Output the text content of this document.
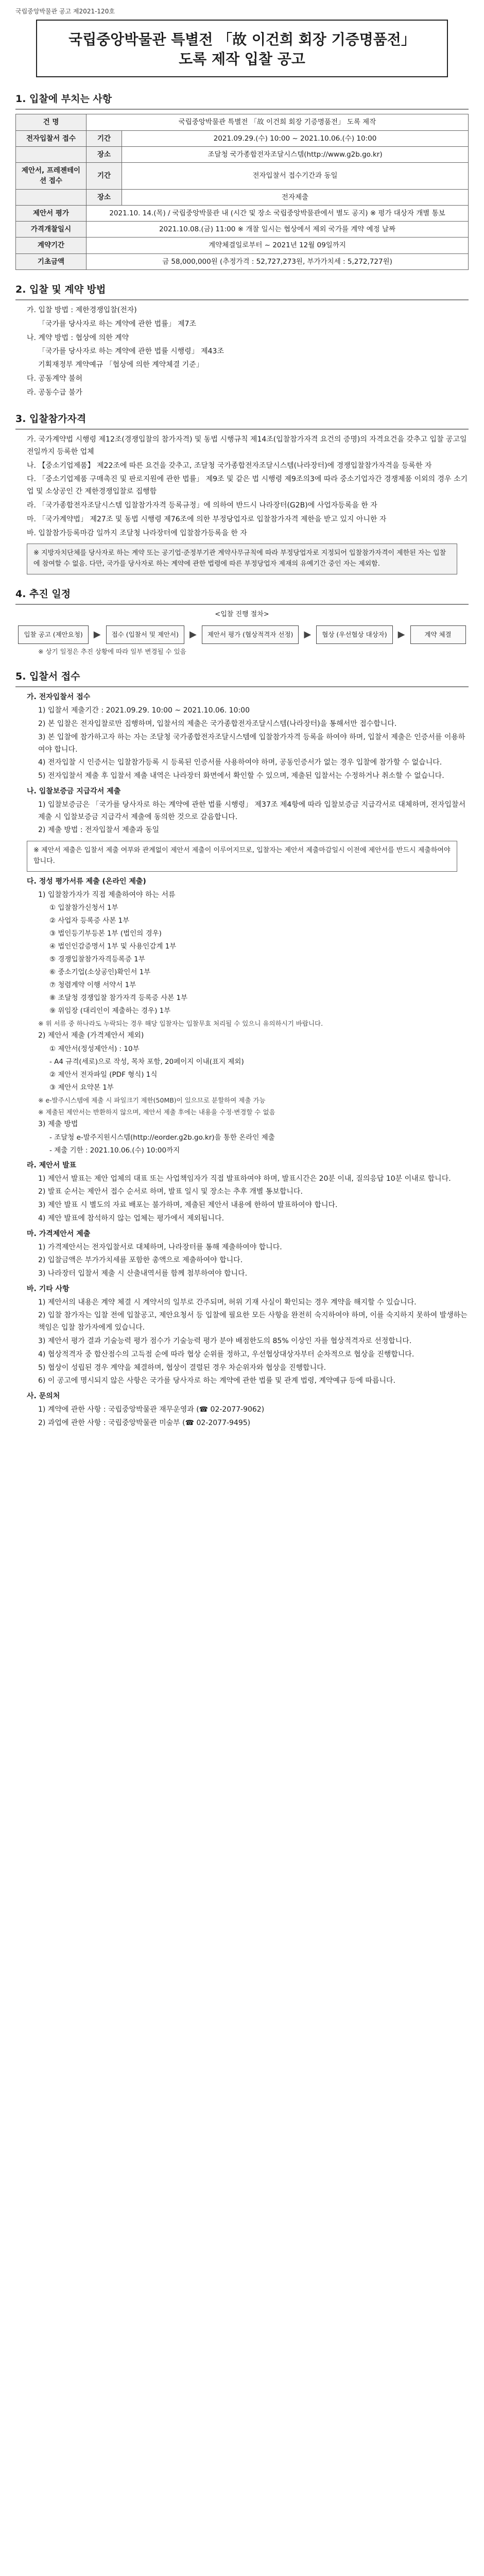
국립중앙박물관 공고 제2021-120호
국립중앙박물관 특별전 「故 이건희 회장 기증명품전」
도록 제작 입찰 공고
1. 입찰에 부치는 사항
건 명	국립중앙박물관 특별전 「故 이건희 회장 기증명품전」 도록 제작	
전자입찰서 접수	기간	2021.09.29.(수) 10:00 ~ 2021.10.06.(수) 10:00
	장소	조달청 국가종합전자조달시스템(http://www.g2b.go.kr)
제안서, 프레젠테이션 접수	기간	전자입찰서 접수기간과 동일
	장소	전자제출
제안서 평가	2021.10. 14.(목) / 국립중앙박물관 내 (시간 및 장소 국립중앙박물관에서 별도 공지) ※ 평가 대상자 개별 통보	
가격개찰일시	2021.10.08.(금) 11:00 ※ 개찰 일시는 협상에서 제외 국가를 계약 예정 날짜	
계약기간	계약체결일로부터 ~ 2021년 12월 09일까지	
기초금액	금 58,000,000원 (추정가격 : 52,727,273원, 부가가치세 : 5,272,727원)	
2. 입찰 및 계약 방법
가. 입찰 방법 : 제한경쟁입찰(전자)
「국가를 당사자로 하는 계약에 관한 법률」 제7조
나. 계약 방법 : 협상에 의한 계약
「국가를 당사자로 하는 계약에 관한 법률 시행령」 제43조
기획재정부 계약예규 「협상에 의한 계약체결 기준」
다. 공동계약 불허
라. 공동수급 불가
3. 입찰참가자격
가. 국가계약법 시행령 제12조(경쟁입찰의 참가자격) 및 동법 시행규칙 제14조(입찰참가자격 요건의 증명)의 자격요건을 갖추고 입찰 공고일 전일까지 등록한 업체
나. 【중소기업제품】 제22조에 따른 요건을 갖추고, 조달청 국가종합전자조달시스템(나라장터)에 경쟁입찰참가자격을 등록한 자
다. 「중소기업제품 구매촉진 및 판로지원에 관한 법률」 제9조 및 같은 법 시행령 제9조의3에 따라 중소기업자간 경쟁제품 이외의 경우 소기업 및 소상공인 간 제한경쟁입찰로 집행함
라. 「국가종합전자조달시스템 입찰참가자격 등록규정」에 의하여 반드시 나라장터(G2B)에 사업자등록을 한 자
마. 「국가계약법」 제27조 및 동법 시행령 제76조에 의한 부정당업자로 입찰참가자격 제한을 받고 있지 아니한 자
바. 입찰참가등록마감 일까지 조달청 나라장터에 입찰참가등록을 한 자
※ 지방자치단체를 당사자로 하는 계약 또는 공기업·준정부기관 계약사무규칙에 따라 부정당업자로 지정되어 입찰참가자격이 제한된 자는 입찰에 참여할 수 없음. 다만, 국가를 당사자로 하는 계약에 관한 법령에 따른 부정당업자 제재의 유예기간 중인 자는 제외함.
4. 추진 일정
<입찰 진행 절차>
입찰 공고 (제안요청)	▶	접수 (입찰서 및 제안서)	▶	제안서 평가 (협상적격자 선정)	▶	협상 (우선협상 대상자)	▶	계약 체결
※ 상기 일정은 추진 상황에 따라 일부 변경될 수 있음
5. 입찰서 접수
가. 전자입찰서 접수
1) 입찰서 제출기간 : 2021.09.29. 10:00 ~ 2021.10.06. 10:00
2) 본 입찰은 전자입찰로만 집행하며, 입찰서의 제출은 국가종합전자조달시스템(나라장터)을 통해서만 접수합니다.
3) 본 입찰에 참가하고자 하는 자는 조달청 국가종합전자조달시스템에 입찰참가자격 등록을 하여야 하며, 입찰서 제출은 인증서를 이용하여야 합니다.
4) 전자입찰 시 인증서는 입찰참가등록 시 등록된 인증서를 사용하여야 하며, 공동인증서가 없는 경우 입찰에 참가할 수 없습니다.
5) 전자입찰서 제출 후 입찰서 제출 내역은 나라장터 화면에서 확인할 수 있으며, 제출된 입찰서는 수정하거나 취소할 수 없습니다.
나. 입찰보증금 지급각서 제출
1) 입찰보증금은 「국가를 당사자로 하는 계약에 관한 법률 시행령」 제37조 제4항에 따라 입찰보증금 지급각서로 대체하며, 전자입찰서 제출 시 입찰보증금 지급각서 제출에 동의한 것으로 갈음합니다.
2) 제출 방법 : 전자입찰서 제출과 동일
※ 제안서 제출은 입찰서 제출 여부와 관계없이 제안서 제출이 이루어지므로, 입찰자는 제안서 제출마감일시 이전에 제안서를 반드시 제출하여야 합니다.
다. 정성 평가서류 제출 (온라인 제출)
1) 입찰참가자가 직접 제출하여야 하는 서류
① 입찰참가신청서 1부
② 사업자 등록증 사본 1부
③ 법인등기부등본 1부 (법인의 경우)
④ 법인인감증명서 1부 및 사용인감계 1부
⑤ 경쟁입찰참가자격등록증 1부
⑥ 중소기업(소상공인)확인서 1부
⑦ 청렴계약 이행 서약서 1부
⑧ 조달청 경쟁입찰 참가자격 등록증 사본 1부
⑨ 위임장 (대리인이 제출하는 경우) 1부
※ 위 서류 중 하나라도 누락되는 경우 해당 입찰자는 입찰무효 처리될 수 있으니 유의하시기 바랍니다.
2) 제안서 제출 (가격제안서 제외)
① 제안서(정성제안서) : 10부
- A4 규격(세로)으로 작성, 목차 포함, 20페이지 이내(표지 제외)
② 제안서 전자파일 (PDF 형식) 1식
③ 제안서 요약본 1부
※ e-발주시스템에 제출 시 파일크기 제한(50MB)이 있으므로 분할하여 제출 가능
※ 제출된 제안서는 반환하지 않으며, 제안서 제출 후에는 내용을 수정·변경할 수 없음
3) 제출 방법
- 조달청 e-발주지원시스템(http://eorder.g2b.go.kr)을 통한 온라인 제출
- 제출 기한 : 2021.10.06.(수) 10:00까지
라. 제안서 발표
1) 제안서 발표는 제안 업체의 대표 또는 사업책임자가 직접 발표하여야 하며, 발표시간은 20분 이내, 질의응답 10분 이내로 합니다.
2) 발표 순서는 제안서 접수 순서로 하며, 발표 일시 및 장소는 추후 개별 통보합니다.
3) 제안 발표 시 별도의 자료 배포는 불가하며, 제출된 제안서 내용에 한하여 발표하여야 합니다.
4) 제안 발표에 참석하지 않는 업체는 평가에서 제외됩니다.
마. 가격제안서 제출
1) 가격제안서는 전자입찰서로 대체하며, 나라장터를 통해 제출하여야 합니다.
2) 입찰금액은 부가가치세를 포함한 총액으로 제출하여야 합니다.
3) 나라장터 입찰서 제출 시 산출내역서를 함께 첨부하여야 합니다.
바. 기타 사항
1) 제안서의 내용은 계약 체결 시 계약서의 일부로 간주되며, 허위 기재 사실이 확인되는 경우 계약을 해지할 수 있습니다.
2) 입찰 참가자는 입찰 전에 입찰공고, 제안요청서 등 입찰에 필요한 모든 사항을 완전히 숙지하여야 하며, 이를 숙지하지 못하여 발생하는 책임은 입찰 참가자에게 있습니다.
3) 제안서 평가 결과 기술능력 평가 점수가 기술능력 평가 분야 배점한도의 85% 이상인 자를 협상적격자로 선정합니다.
4) 협상적격자 중 합산점수의 고득점 순에 따라 협상 순위를 정하고, 우선협상대상자부터 순차적으로 협상을 진행합니다.
5) 협상이 성립된 경우 계약을 체결하며, 협상이 결렬된 경우 차순위자와 협상을 진행합니다.
6) 이 공고에 명시되지 않은 사항은 국가를 당사자로 하는 계약에 관한 법률 및 관계 법령, 계약예규 등에 따릅니다.
사. 문의처
1) 계약에 관한 사항 : 국립중앙박물관 재무운영과 (☎ 02-2077-9062)
2) 과업에 관한 사항 : 국립중앙박물관 미술부 (☎ 02-2077-9495)
